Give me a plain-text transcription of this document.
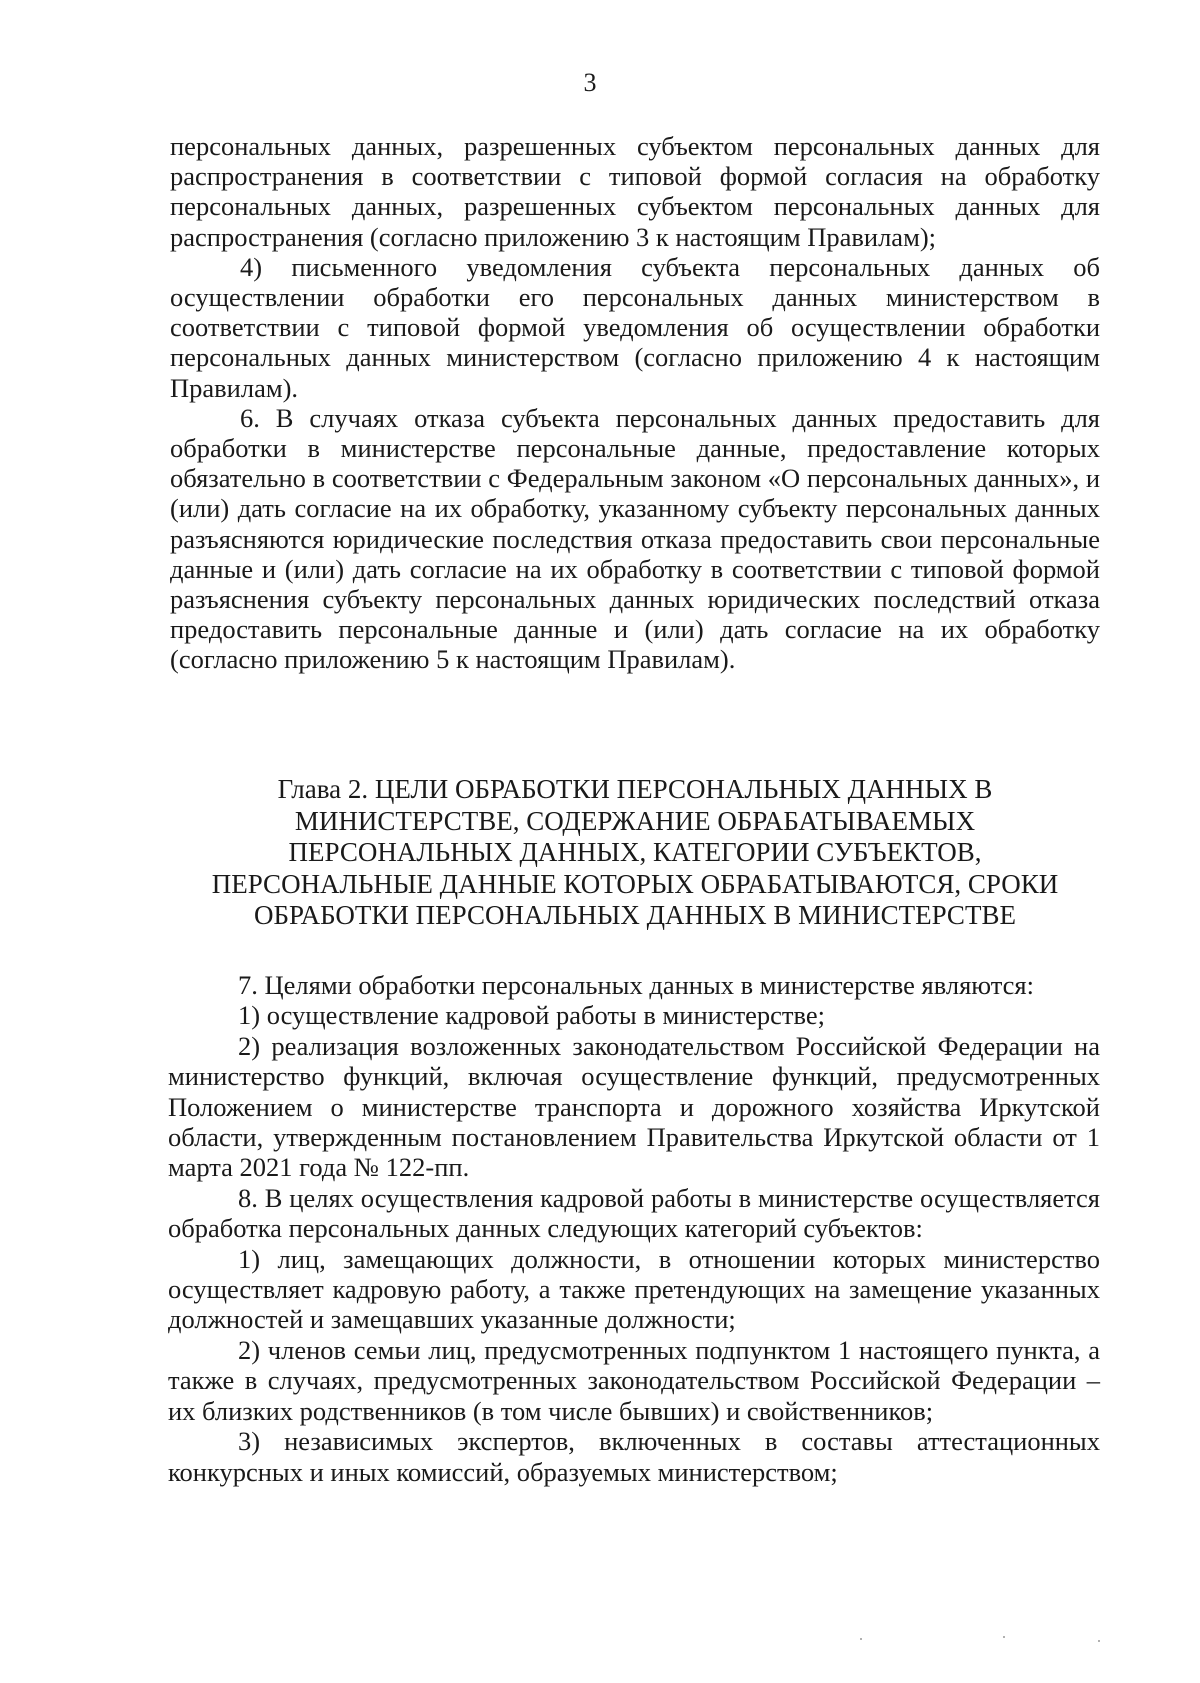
3

персональных данных, разрешенных субъектом персональных данных для распространения в соответствии с типовой формой согласия на обработку персональных данных, разрешенных субъектом персональных данных для распространения (согласно приложению 3 к настоящим Правилам);

4) письменного уведомления субъекта персональных данных об осуществлении обработки его персональных данных министерством в соответствии с типовой формой уведомления об осуществлении обработки персональных данных министерством (согласно приложению 4 к настоящим Правилам).

6. В случаях отказа субъекта персональных данных предоставить для обработки в министерстве персональные данные, предоставление которых обязательно в соответствии с Федеральным законом «О персональных данных», и (или) дать согласие на их обработку, указанному субъекту персональных данных разъясняются юридические последствия отказа предоставить свои персональные данные и (или) дать согласие на их обработку в соответствии с типовой формой разъяснения субъекту персональных данных юридических последствий отказа предоставить персональные данные и (или) дать согласие на их обработку (согласно приложению 5 к настоящим Правилам).

Глава 2. ЦЕЛИ ОБРАБОТКИ ПЕРСОНАЛЬНЫХ ДАННЫХ В
МИНИСТЕРСТВЕ, СОДЕРЖАНИЕ ОБРАБАТЫВАЕМЫХ
ПЕРСОНАЛЬНЫХ ДАННЫХ, КАТЕГОРИИ СУБЪЕКТОВ,
ПЕРСОНАЛЬНЫЕ ДАННЫЕ КОТОРЫХ ОБРАБАТЫВАЮТСЯ, СРОКИ
ОБРАБОТКИ ПЕРСОНАЛЬНЫХ ДАННЫХ В МИНИСТЕРСТВЕ

7. Целями обработки персональных данных в министерстве являются:

1) осуществление кадровой работы в министерстве;

2) реализация возложенных законодательством Российской Федерации на министерство функций, включая осуществление функций, предусмотренных Положением о министерстве транспорта и дорожного хозяйства Иркутской области, утвержденным постановлением Правительства Иркутской области от 1 марта 2021 года № 122-пп.

8. В целях осуществления кадровой работы в министерстве осуществляется обработка персональных данных следующих категорий субъектов:

1) лиц, замещающих должности, в отношении которых министерство осуществляет кадровую работу, а также претендующих на замещение указанных должностей и замещавших указанные должности;

2) членов семьи лиц, предусмотренных подпунктом 1 настоящего пункта, а также в случаях, предусмотренных законодательством Российской Федерации – их близких родственников (в том числе бывших) и свойственников;

3) независимых экспертов, включенных в составы аттестационных конкурсных и иных комиссий, образуемых министерством;
